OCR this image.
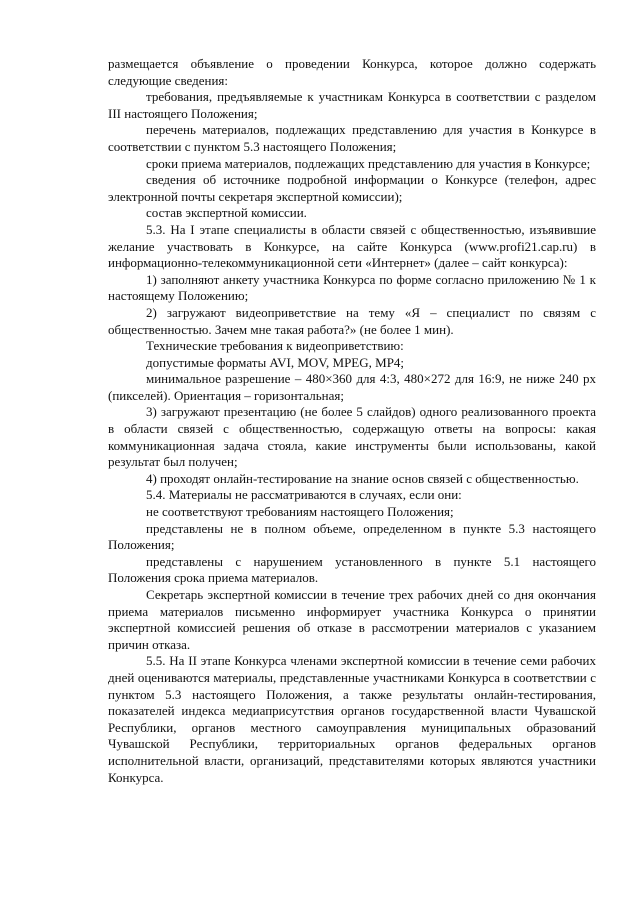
размещается объявление о проведении Конкурса, которое должно содержать следующие сведения:

требования, предъявляемые к участникам Конкурса в соответствии с разделом III настоящего Положения;

перечень материалов, подлежащих представлению для участия в Конкурсе в соответствии с пунктом 5.3 настоящего Положения;

сроки приема материалов, подлежащих представлению для участия в Конкурсе;

сведения об источнике подробной информации о Конкурсе (телефон, адрес электронной почты секретаря экспертной комиссии);

состав экспертной комиссии.

5.3. На I этапе специалисты в области связей с общественностью, изъявившие желание участвовать в Конкурсе, на сайте Конкурса (www.profi21.cap.ru) в информационно-телекоммуникационной сети «Интернет» (далее – сайт конкурса):

1) заполняют анкету участника Конкурса по форме согласно приложению № 1 к настоящему Положению;

2) загружают видеоприветствие на тему «Я – специалист по связям с общественностью. Зачем мне такая работа?» (не более 1 мин).

Технические требования к видеоприветствию:

допустимые форматы AVI, MOV, MPEG, MP4;

минимальное разрешение – 480×360 для 4:3, 480×272 для 16:9, не ниже 240 px (пикселей). Ориентация – горизонтальная;

3) загружают презентацию (не более 5 слайдов) одного реализованного проекта в области связей с общественностью, содержащую ответы на вопросы: какая коммуникационная задача стояла, какие инструменты были использованы, какой результат был получен;

4) проходят онлайн-тестирование на знание основ связей с общественностью.

5.4. Материалы не рассматриваются в случаях, если они:

не соответствуют требованиям настоящего Положения;

представлены не в полном объеме, определенном в пункте 5.3 настоящего Положения;

представлены с нарушением установленного в пункте 5.1 настоящего Положения срока приема материалов.

Секретарь экспертной комиссии в течение трех рабочих дней со дня окончания приема материалов письменно информирует участника Конкурса о принятии экспертной комиссией решения об отказе в рассмотрении материалов с указанием причин отказа.

5.5. На II этапе Конкурса членами экспертной комиссии в течение семи рабочих дней оцениваются материалы, представленные участниками Конкурса в соответствии с пунктом 5.3 настоящего Положения, а также результаты онлайн-тестирования, показателей индекса медиаприсутствия органов государственной власти Чувашской Республики, органов местного самоуправления муниципальных образований Чувашской Республики, территориальных органов федеральных органов исполнительной власти, организаций, представителями которых являются участники Конкурса.
